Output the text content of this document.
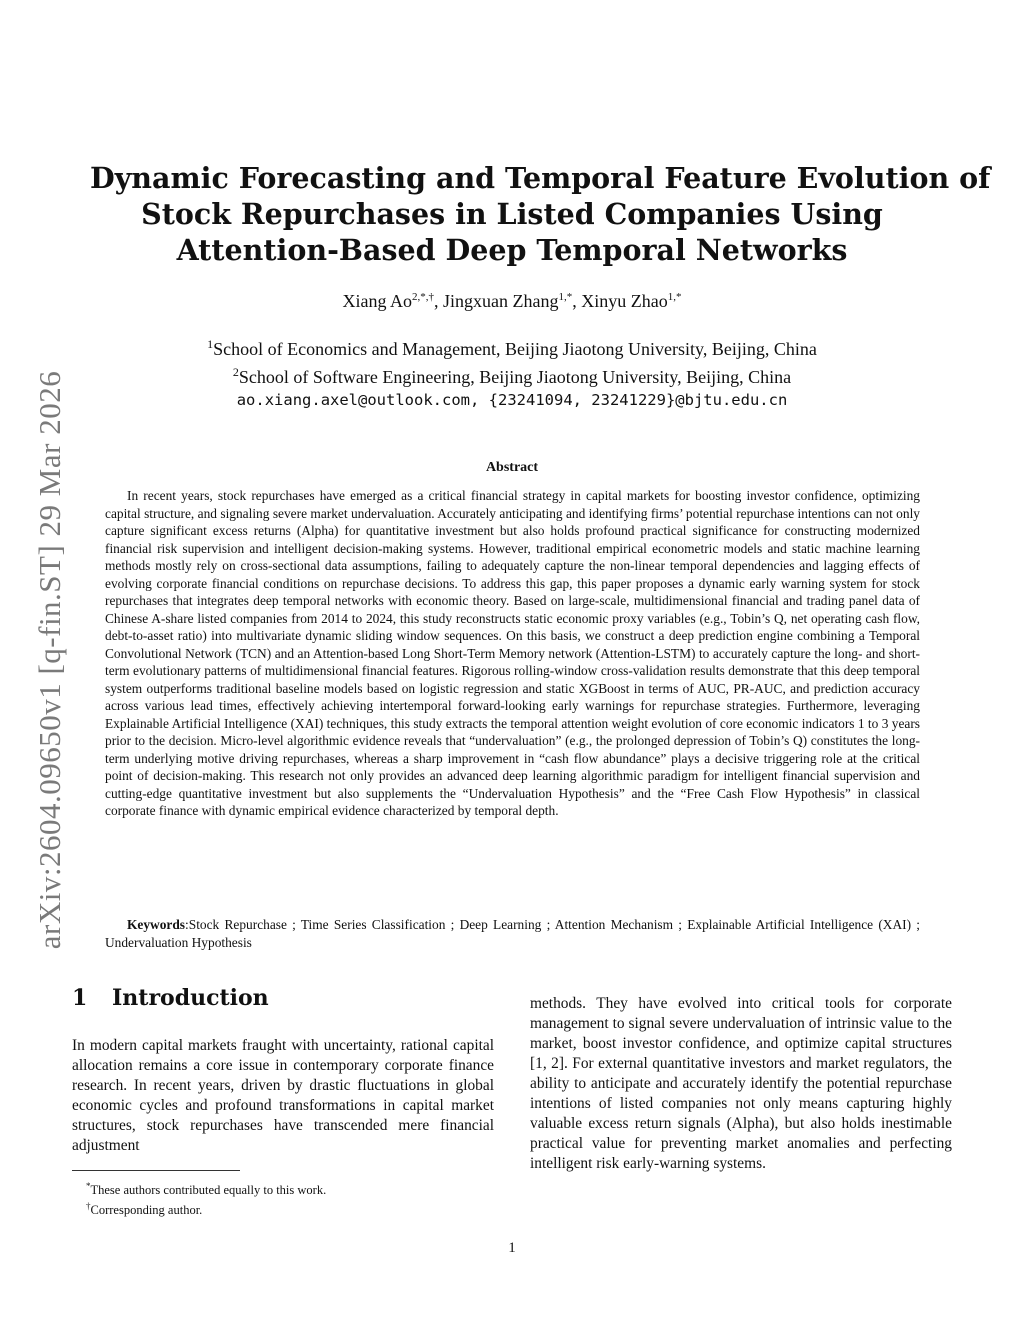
arXiv:2604.09650v1 [q-fin.ST] 29 Mar 2026
Dynamic Forecasting and Temporal Feature Evolution of
Stock Repurchases in Listed Companies Using
Attention-Based Deep Temporal Networks
Xiang $Ao^{2,*,\dagger}$, Jingxuan Zhang$^{1,*}$, Xinyu Zhao$^{1,*}$
$^1$School of Economics and Management, Beijing Jiaotong University, Beijing, China
$^2$School of Software Engineering, Beijing Jiaotong University, Beijing, China
ao.xiang.axel@outlook.com, {23241094, 23241229}@bjtu.edu.cn
Abstract

In recent years, stock repurchases have emerged as a critical financial strategy in capital markets for boosting investor confidence, optimizing capital structure, and signaling severe market undervaluation. Accurately anticipating and identifying firms’ potential repurchase intentions can not only capture significant excess returns (Alpha) for quantitative investment but also holds profound practical significance for constructing modernized financial risk supervision and intelligent decision-making systems. However, traditional empirical econometric models and static machine learning methods mostly rely on cross-sectional data assumptions, failing to adequately capture the non-linear temporal dependencies and lagging effects of evolving corporate financial conditions on repurchase decisions. To address this gap, this paper proposes a dynamic early warning system for stock repurchases that integrates deep temporal networks with economic theory. Based on large-scale, multidimensional financial and trading panel data of Chinese A-share listed companies from 2014 to 2024, this study reconstructs static economic proxy variables (e.g., Tobin’s Q, net operating cash flow, debt-to-asset ratio) into multivariate dynamic sliding window sequences. On this basis, we construct a deep prediction engine combining a Temporal Convolutional Network (TCN) and an Attention-based Long Short-Term Memory network (Attention-LSTM) to accurately capture the long- and short-term evolutionary patterns of multidimensional financial features. Rigorous rolling-window cross-validation results demonstrate that this deep temporal system outperforms traditional baseline models based on logistic regression and static XGBoost in terms of AUC, PR-AUC, and prediction accuracy across various lead times, effectively achieving intertemporal forward-looking early warnings for repurchase strategies. Furthermore, leveraging Explainable Artificial Intelligence (XAI) techniques, this study extracts the temporal attention weight evolution of core economic indicators 1 to 3 years prior to the decision. Micro-level algorithmic evidence reveals that “undervaluation” (e.g., the prolonged depression of Tobin’s Q) constitutes the long-term underlying motive driving repurchases, whereas a sharp improvement in “cash flow abundance” plays a decisive triggering role at the critical point of decision-making. This research not only provides an advanced deep learning algorithmic paradigm for intelligent financial supervision and cutting-edge quantitative investment but also supplements the “Undervaluation Hypothesis” and the “Free Cash Flow Hypothesis” in classical corporate finance with dynamic empirical evidence characterized by temporal depth.

Keywords:Stock Repurchase ; Time Series Classification ; Deep Learning ; Attention Mechanism ; Explainable Artificial Intelligence (XAI) ; Undervaluation Hypothesis

1 Introduction

In modern capital markets fraught with uncertainty, rational capital allocation remains a core issue in contemporary corporate finance research. In recent years, driven by drastic fluctuations in global economic cycles and profound transformations in capital market structures, stock repurchases have transcended mere financial adjustment

methods. They have evolved into critical tools for corporate management to signal severe undervaluation of intrinsic value to the market, boost investor confidence, and optimize capital structures [1, 2]. For external quantitative investors and market regulators, the ability to anticipate and accurately identify the potential repurchase intentions of listed companies not only means capturing highly valuable excess return signals (Alpha), but also holds inestimable practical value for preventing market anomalies and perfecting intelligent risk early-warning systems.

*These authors contributed equally to this work.
†Corresponding author.
1
